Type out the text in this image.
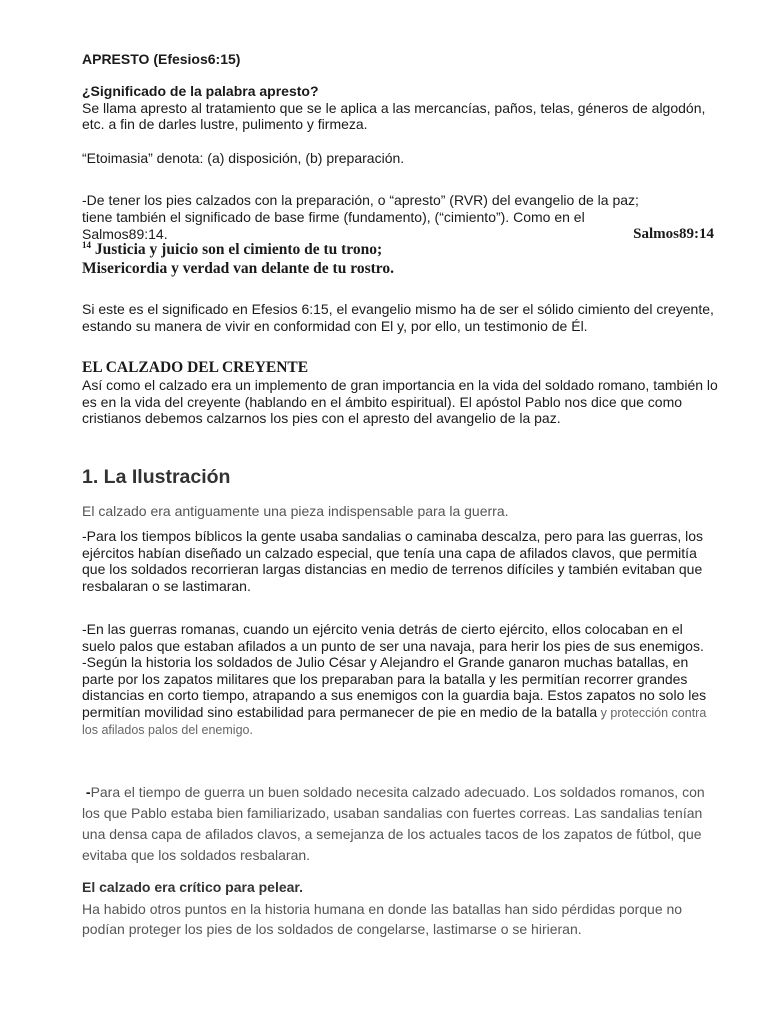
APRESTO (Efesios6:15)
¿Significado de la palabra apresto?
Se llama apresto al tratamiento que se le aplica a las mercancías, paños, telas, géneros de algodón, etc. a fin de darles lustre, pulimento y firmeza.
“Etoimasia” denota: (a) disposición, (b) preparación.
-De tener los pies calzados con la preparación, o “apresto” (RVR) del evangelio de la paz;
tiene también el significado de base firme (fundamento), (“cimiento”). Como en el
Salmos89:14.	Salmos89:14
$^{14}$ Justicia y juicio son el cimiento de tu trono;
Misericordia y verdad van delante de tu rostro.
Si este es el significado en Efesios 6:15, el evangelio mismo ha de ser el sólido cimiento del creyente, estando su manera de vivir en conformidad con El y, por ello, un testimonio de Él.
EL CALZADO DEL CREYENTE
Así como el calzado era un implemento de gran importancia en la vida del soldado romano, también lo es en la vida del creyente (hablando en el ámbito espiritual). El apóstol Pablo nos dice que como cristianos debemos calzarnos los pies con el apresto del avangelio de la paz.
1. La Ilustración
El calzado era antiguamente una pieza indispensable para la guerra.
-Para los tiempos bíblicos la gente usaba sandalias o caminaba descalza, pero para las guerras, los ejércitos habían diseñado un calzado especial, que tenía una capa de afilados clavos, que permitía que los soldados recorrieran largas distancias en medio de terrenos difíciles y también evitaban que resbalaran o se lastimaran.
-En las guerras romanas, cuando un ejército venia detrás de cierto ejército, ellos colocaban en el suelo palos que estaban afilados a un punto de ser una navaja, para herir los pies de sus enemigos.
-Según la historia los soldados de Julio César y Alejandro el Grande ganaron muchas batallas, en parte por los zapatos militares que los preparaban para la batalla y les permitían recorrer grandes distancias en corto tiempo, atrapando a sus enemigos con la guardia baja. Estos zapatos no solo les permitían movilidad sino estabilidad para permanecer de pie en medio de la batalla y protección contra los afilados palos del enemigo.
-Para el tiempo de guerra un buen soldado necesita calzado adecuado. Los soldados romanos, con los que Pablo estaba bien familiarizado, usaban sandalias con fuertes correas. Las sandalias tenían una densa capa de afilados clavos, a semejanza de los actuales tacos de los zapatos de fútbol, que evitaba que los soldados resbalaran.
El calzado era crítico para pelear.
Ha habido otros puntos en la historia humana en donde las batallas han sido pérdidas porque no podían proteger los pies de los soldados de congelarse, lastimarse o se hirieran.
